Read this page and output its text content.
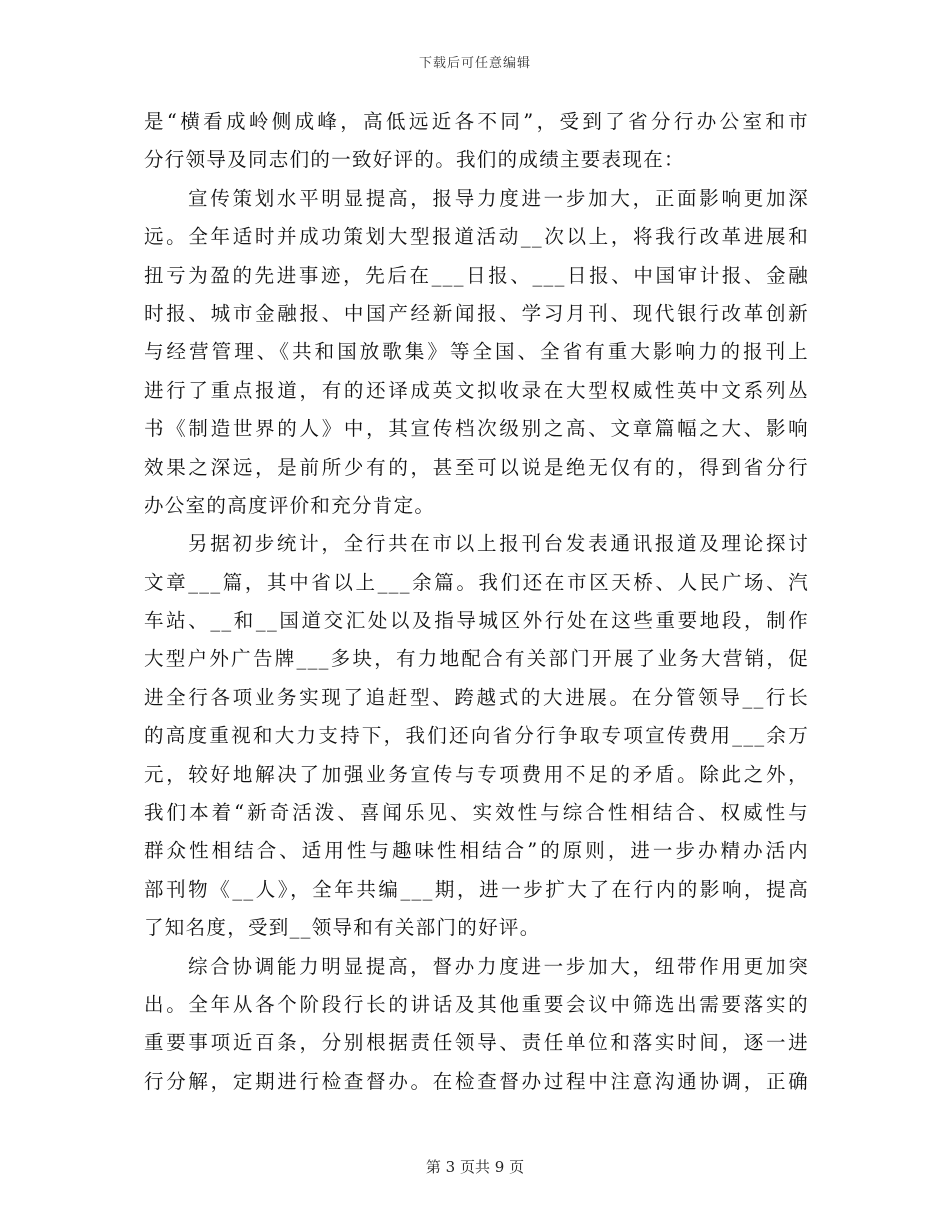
下载后可任意编辑
是“横看成岭侧成峰，高低远近各不同”，受到了省分行办公室和市
分行领导及同志们的一致好评的。我们的成绩主要表现在：
宣传策划水平明显提高，报导力度进一步加大，正面影响更加深
远。全年适时并成功策划大型报道活动__次以上，将我行改革进展和
扭亏为盈的先进事迹，先后在___日报、___日报、中国审计报、金融
时报、城市金融报、中国产经新闻报、学习月刊、现代银行改革创新
与经营管理、《共和国放歌集》等全国、全省有重大影响力的报刊上
进行了重点报道，有的还译成英文拟收录在大型权威性英中文系列丛
书《制造世界的人》中，其宣传档次级别之高、文章篇幅之大、影响
效果之深远，是前所少有的，甚至可以说是绝无仅有的，得到省分行
办公室的高度评价和充分肯定。
另据初步统计，全行共在市以上报刊台发表通讯报道及理论探讨
文章___篇，其中省以上___余篇。我们还在市区天桥、人民广场、汽
车站、__和__国道交汇处以及指导城区外行处在这些重要地段，制作
大型户外广告牌___多块，有力地配合有关部门开展了业务大营销，促
进全行各项业务实现了追赶型、跨越式的大进展。在分管领导__行长
的高度重视和大力支持下，我们还向省分行争取专项宣传费用___余万
元，较好地解决了加强业务宣传与专项费用不足的矛盾。除此之外，
我们本着“新奇活泼、喜闻乐见、实效性与综合性相结合、权威性与
群众性相结合、适用性与趣味性相结合”的原则，进一步办精办活内
部刊物《__人》，全年共编___期，进一步扩大了在行内的影响，提高
了知名度，受到__领导和有关部门的好评。
综合协调能力明显提高，督办力度进一步加大，纽带作用更加突
出。全年从各个阶段行长的讲话及其他重要会议中筛选出需要落实的
重要事项近百条，分别根据责任领导、责任单位和落实时间，逐一进
行分解，定期进行检查督办。在检查督办过程中注意沟通协调，正确
第 3 页共 9 页
